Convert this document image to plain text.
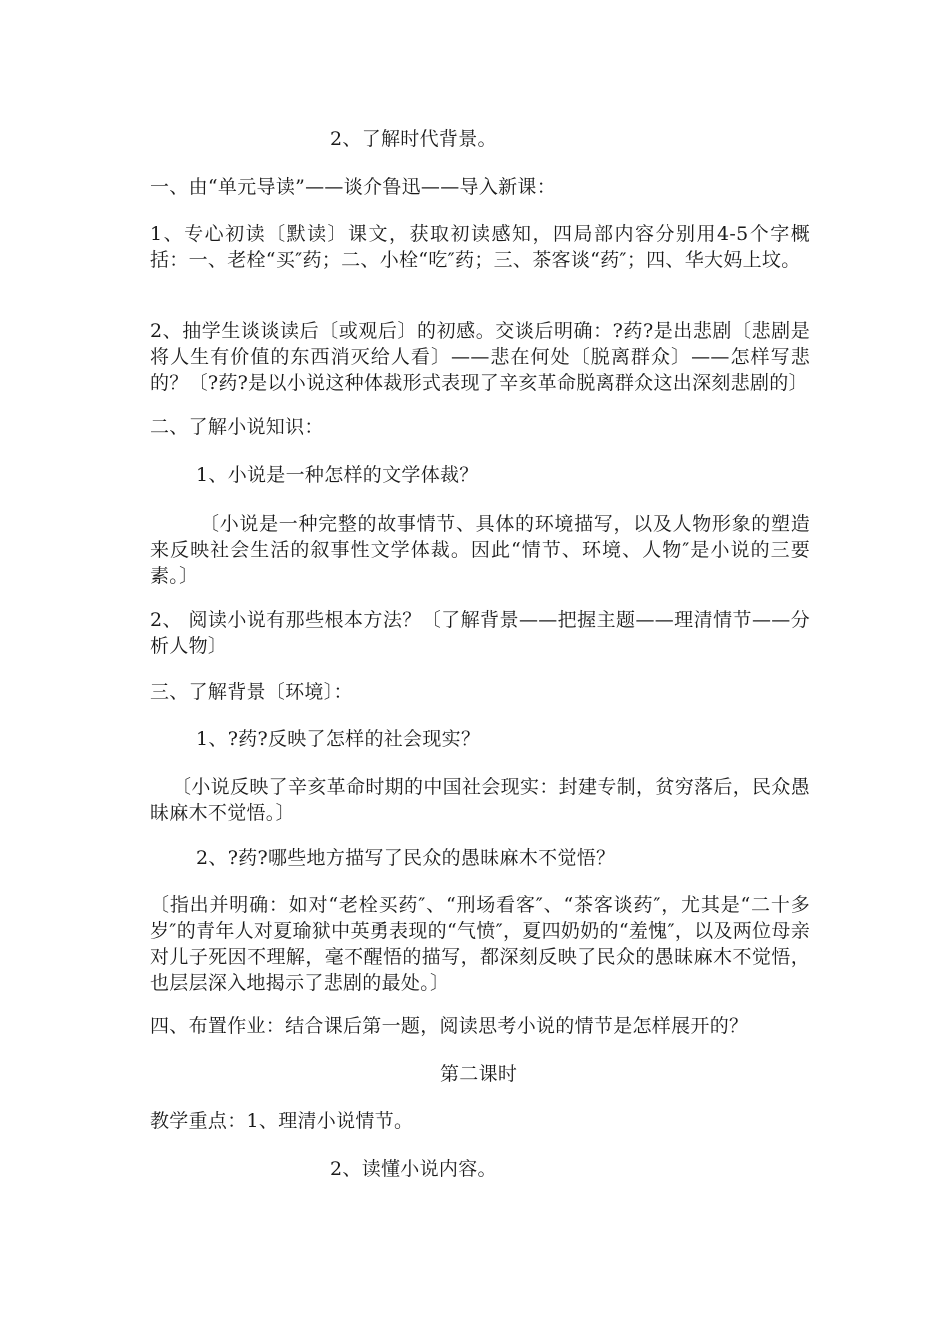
2、了解时代背景。
一、由“单元导读”——谈介鲁迅——导入新课：
1、专心初读〔默读〕课文，获取初读感知，四局部内容分别用4-5个字概括：一、老栓“买″药；二、小栓“吃″药；三、茶客谈“药″；四、华大妈上坟。
2、抽学生谈谈读后〔或观后〕的初感。交谈后明确：?药?是出悲剧〔悲剧是将人生有价值的东西消灭给人看〕——悲在何处〔脱离群众〕——怎样写悲的？〔?药?是以小说这种体裁形式表现了辛亥革命脱离群众这出深刻悲剧的〕
二、了解小说知识：
1、小说是一种怎样的文学体裁？
〔小说是一种完整的故事情节、具体的环境描写，以及人物形象的塑造来反映社会生活的叙事性文学体裁。因此“情节、环境、人物″是小说的三要素。〕
2、 阅读小说有那些根本方法？〔了解背景——把握主题——理清情节——分析人物〕
三、了解背景〔环境〕：
1、?药?反映了怎样的社会现实？
〔小说反映了辛亥革命时期的中国社会现实：封建专制，贫穷落后，民众愚昧麻木不觉悟。〕
2、?药?哪些地方描写了民众的愚昧麻木不觉悟？
〔指出并明确：如对“老栓买药″、“刑场看客″、“茶客谈药″，尤其是“二十多岁″的青年人对夏瑜狱中英勇表现的“气愤″，夏四奶奶的“羞愧″，以及两位母亲对儿子死因不理解，毫不醒悟的描写，都深刻反映了民众的愚昧麻木不觉悟，也层层深入地揭示了悲剧的最处。〕
四、布置作业：结合课后第一题，阅读思考小说的情节是怎样展开的？
第二课时
教学重点：1、理清小说情节。
2、读懂小说内容。
